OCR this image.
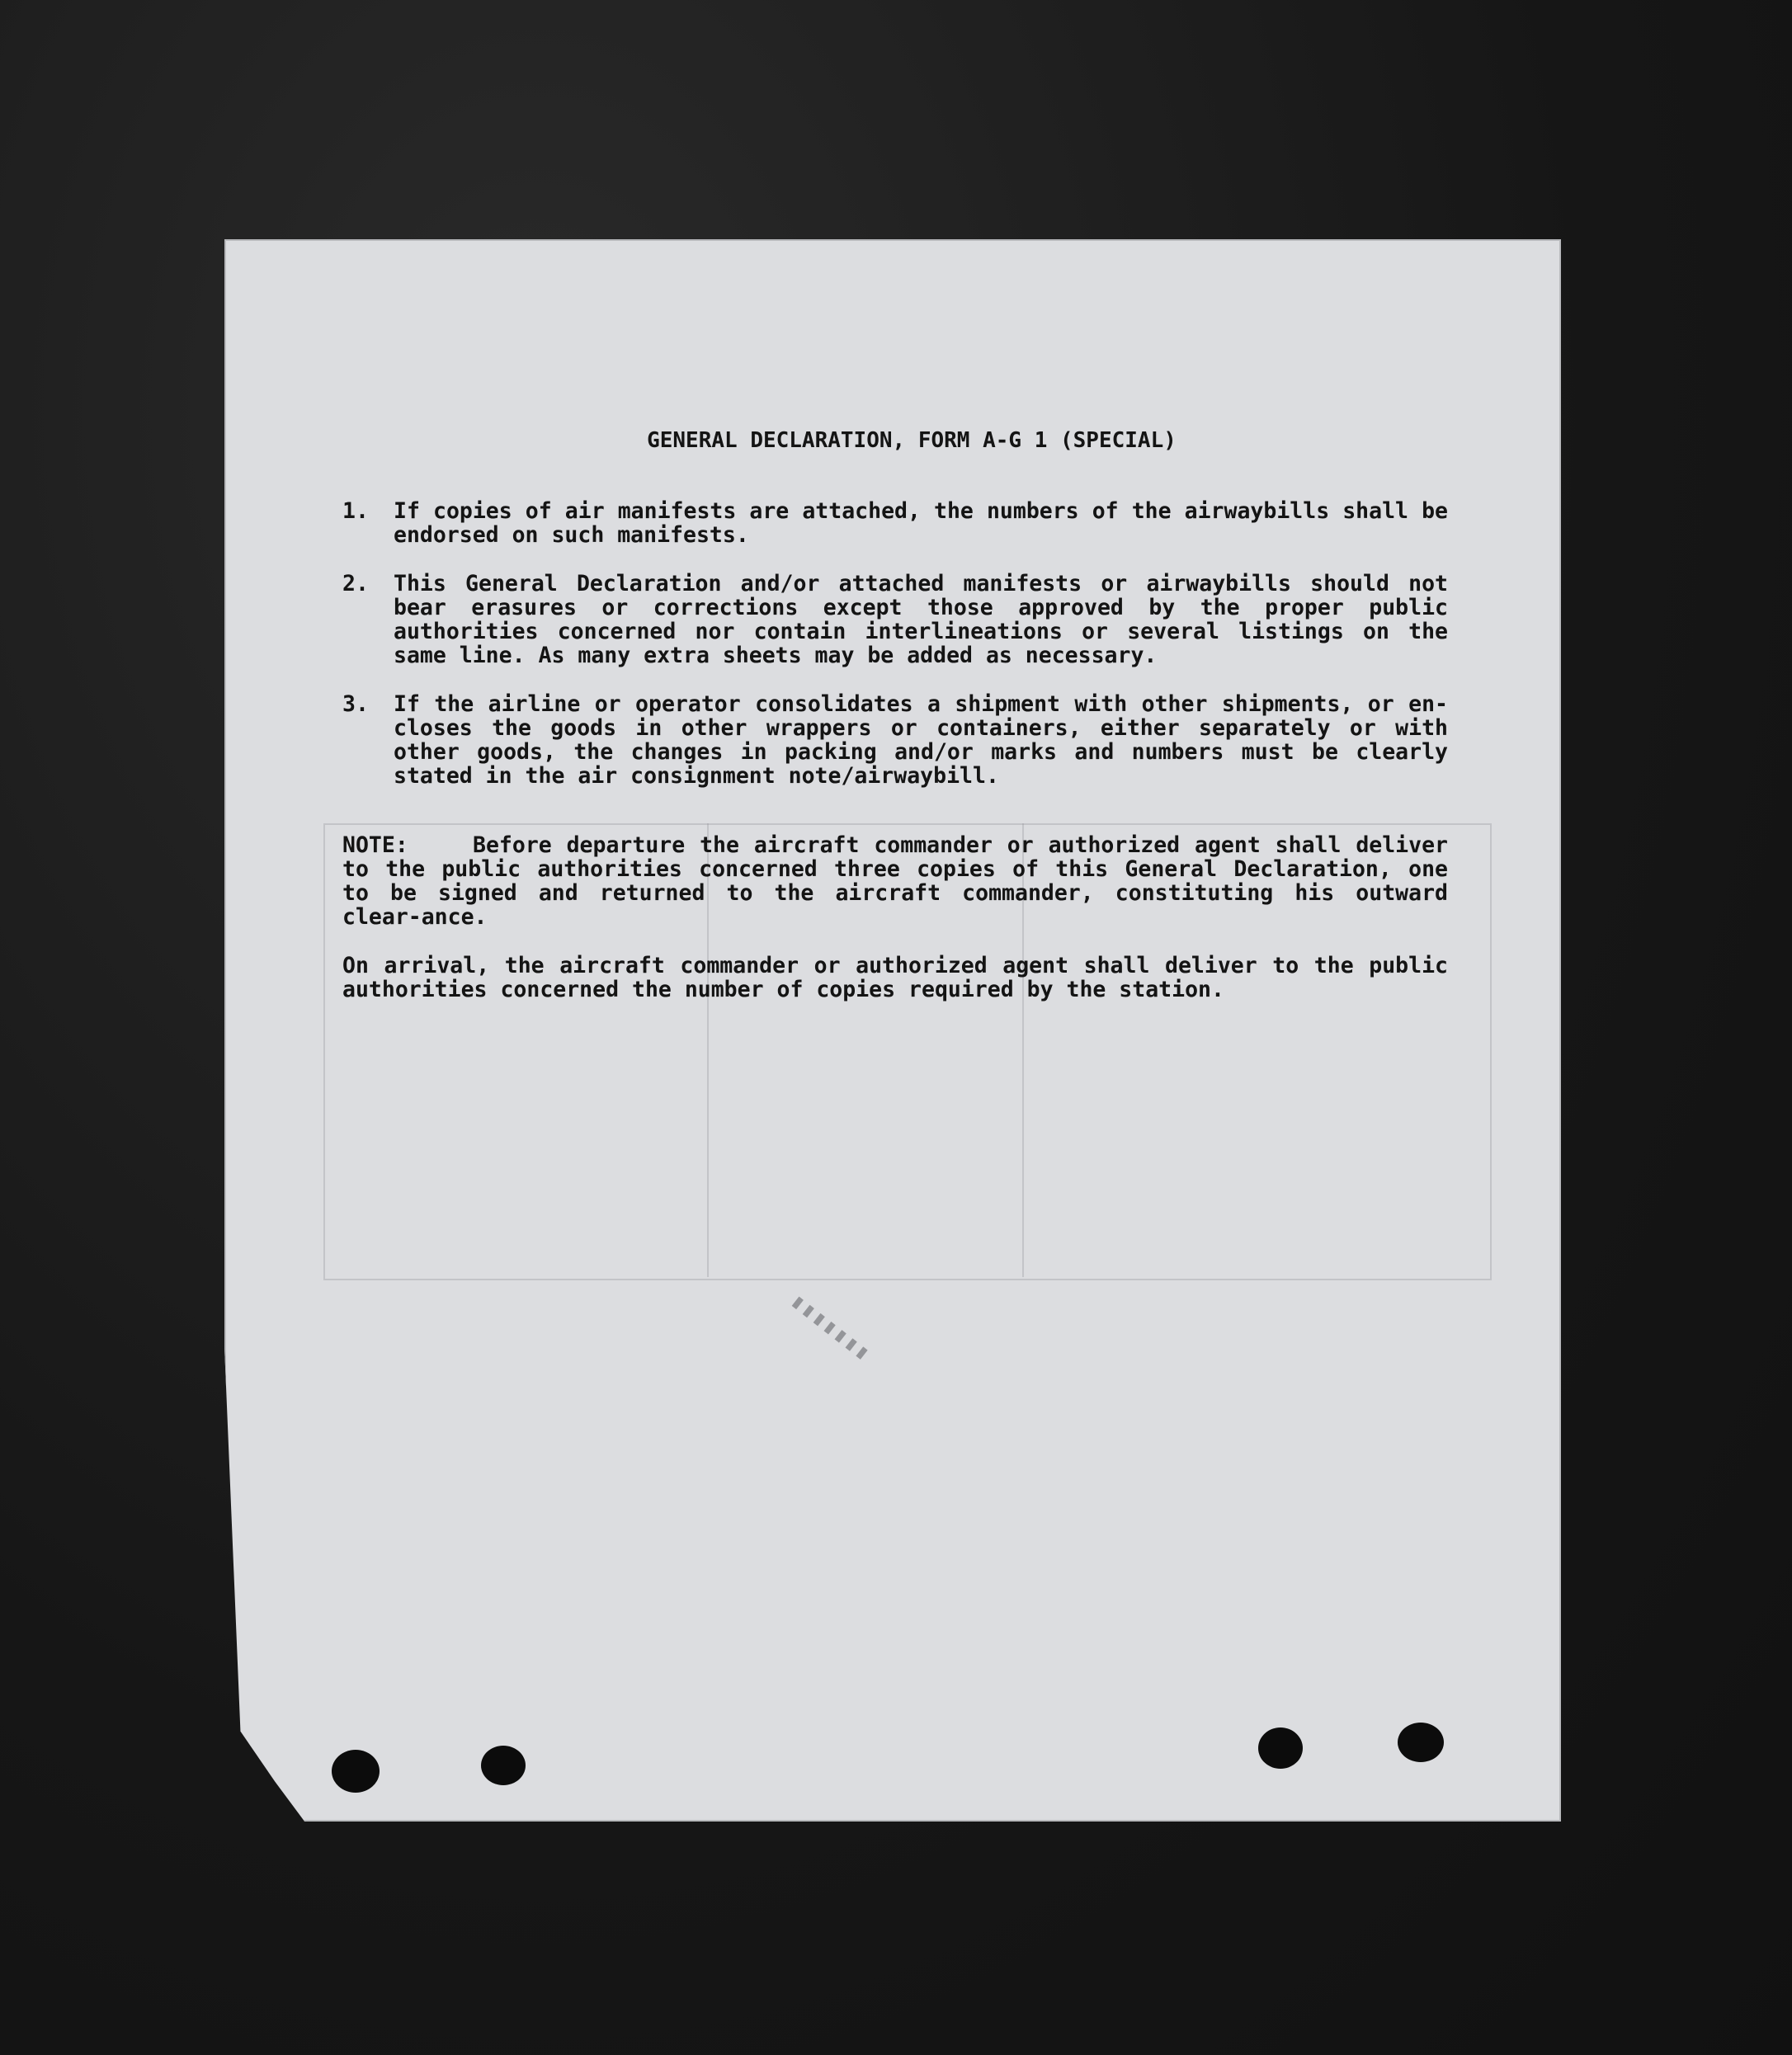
▮▮▮▮▮▮▮
GENERAL DECLARATION, FORM A-G 1 (SPECIAL)
1.	If copies of air manifests are attached, the numbers of the airwaybills shall be endorsed on such manifests.
2.	This General Declaration and/or attached manifests or airwaybills should not bear erasures or corrections except those approved by the proper public authorities concerned nor contain interlineations or several listings on the same line. As many extra sheets may be added as necessary.
3.	If the airline or operator consolidates a shipment with other shipments, or en-closes the goods in other wrappers or containers, either separately or with other goods, the changes in packing and/or marks and numbers must be clearly stated in the air consignment note/airwaybill.
NOTE:	Before departure the aircraft commander or authorized agent shall deliver to the public authorities concerned three copies of this General Declaration, one to be signed and returned to the aircraft commander, constituting his outward clear-ance.
On arrival, the aircraft commander or authorized agent shall deliver to the public authorities concerned the number of copies required by the station.
